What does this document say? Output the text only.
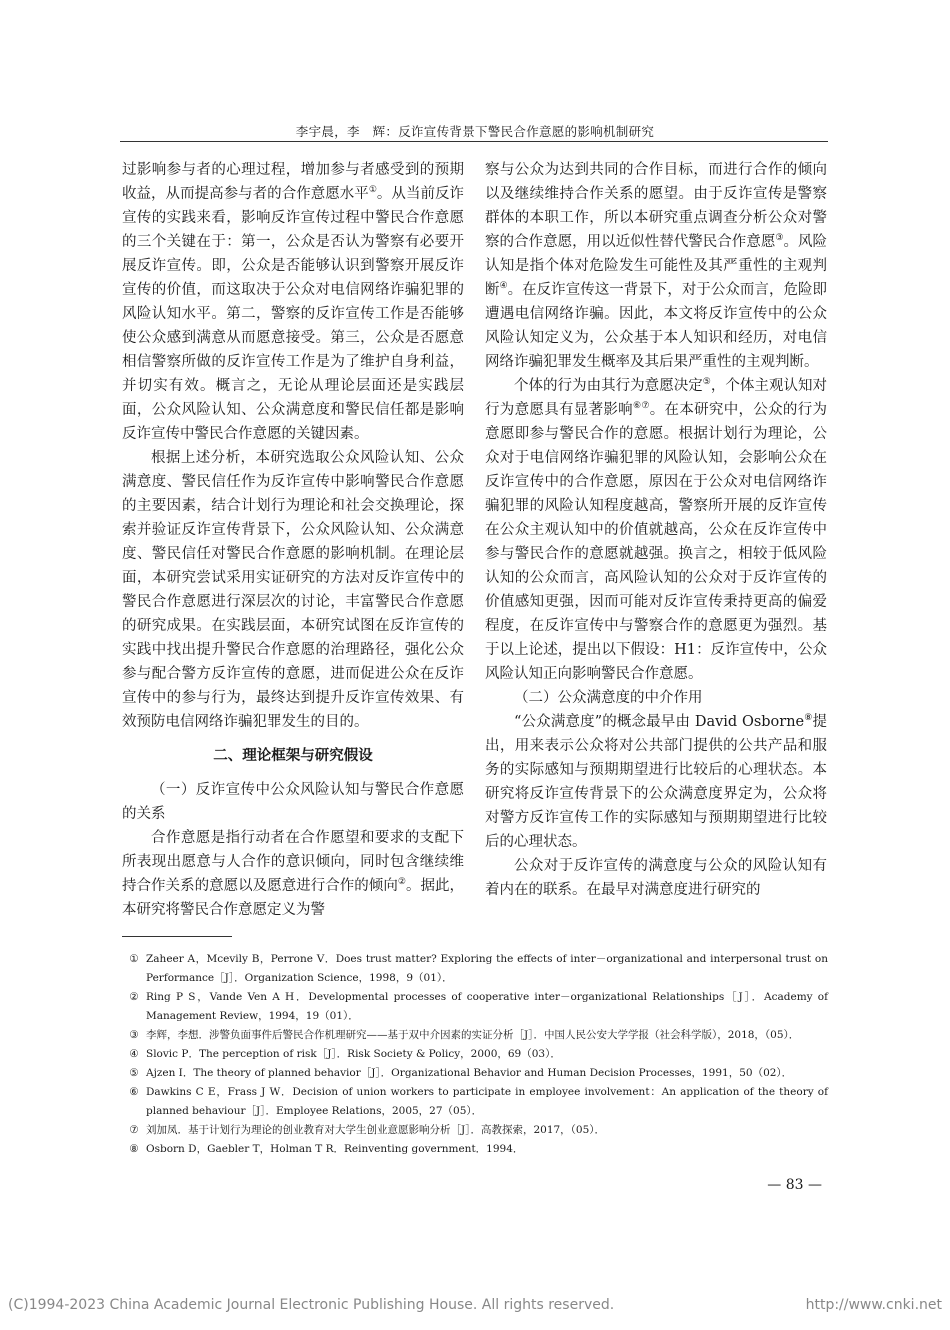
李宇晨，李　辉：反诈宣传背景下警民合作意愿的影响机制研究

过影响参与者的心理过程，增加参与者感受到的预期收益，从而提高参与者的合作意愿水平①。从当前反诈宣传的实践来看，影响反诈宣传过程中警民合作意愿的三个关键在于：第一，公众是否认为警察有必要开展反诈宣传。即，公众是否能够认识到警察开展反诈宣传的价值，而这取决于公众对电信网络诈骗犯罪的风险认知水平。第二，警察的反诈宣传工作是否能够使公众感到满意从而愿意接受。第三，公众是否愿意相信警察所做的反诈宣传工作是为了维护自身利益，并切实有效。概言之，无论从理论层面还是实践层面，公众风险认知、公众满意度和警民信任都是影响反诈宣传中警民合作意愿的关键因素。

根据上述分析，本研究选取公众风险认知、公众满意度、警民信任作为反诈宣传中影响警民合作意愿的主要因素，结合计划行为理论和社会交换理论，探索并验证反诈宣传背景下，公众风险认知、公众满意度、警民信任对警民合作意愿的影响机制。在理论层面，本研究尝试采用实证研究的方法对反诈宣传中的警民合作意愿进行深层次的讨论，丰富警民合作意愿的研究成果。在实践层面，本研究试图在反诈宣传的实践中找出提升警民合作意愿的治理路径，强化公众参与配合警方反诈宣传的意愿，进而促进公众在反诈宣传中的参与行为，最终达到提升反诈宣传效果、有效预防电信网络诈骗犯罪发生的目的。

二、理论框架与研究假设

（一）反诈宣传中公众风险认知与警民合作意愿的关系

合作意愿是指行动者在合作愿望和要求的支配下所表现出愿意与人合作的意识倾向，同时包含继续维持合作关系的意愿以及愿意进行合作的倾向②。据此，本研究将警民合作意愿定义为警

察与公众为达到共同的合作目标，而进行合作的倾向以及继续维持合作关系的愿望。由于反诈宣传是警察群体的本职工作，所以本研究重点调查分析公众对警察的合作意愿，用以近似性替代警民合作意愿③。风险认知是指个体对危险发生可能性及其严重性的主观判断④。在反诈宣传这一背景下，对于公众而言，危险即遭遇电信网络诈骗。因此，本文将反诈宣传中的公众风险认知定义为，公众基于本人知识和经历，对电信网络诈骗犯罪发生概率及其后果严重性的主观判断。

个体的行为由其行为意愿决定⑤，个体主观认知对行为意愿具有显著影响⑥⑦。在本研究中，公众的行为意愿即参与警民合作的意愿。根据计划行为理论，公众对于电信网络诈骗犯罪的风险认知，会影响公众在反诈宣传中的合作意愿，原因在于公众对电信网络诈骗犯罪的风险认知程度越高，警察所开展的反诈宣传在公众主观认知中的价值就越高，公众在反诈宣传中参与警民合作的意愿就越强。换言之，相较于低风险认知的公众而言，高风险认知的公众对于反诈宣传的价值感知更强，因而可能对反诈宣传秉持更高的偏爱程度，在反诈宣传中与警察合作的意愿更为强烈。基于以上论述，提出以下假设：H1：反诈宣传中，公众风险认知正向影响警民合作意愿。

（二）公众满意度的中介作用

“公众满意度”的概念最早由 David Osborne⑧提出，用来表示公众将对公共部门提供的公共产品和服务的实际感知与预期期望进行比较后的心理状态。本研究将反诈宣传背景下的公众满意度界定为，公众将对警方反诈宣传工作的实际感知与预期期望进行比较后的心理状态。

公众对于反诈宣传的满意度与公众的风险认知有着内在的联系。在最早对满意度进行研究的

① Zaheer A，Mcevily B，Perrone V．Does trust matter? Exploring the effects of inter－organizational and interpersonal trust on Performance［J］．Organization Science，1998，9（01）．
② Ring P S，Vande Ven A H．Developmental processes of cooperative inter－organizational Relationships［J］．Academy of Management Review，1994，19（01）．
③ 李辉，李想．涉警负面事件后警民合作机理研究——基于双中介因素的实证分析［J］．中国人民公安大学学报（社会科学版），2018，（05）．
④ Slovic P．The perception of risk［J］．Risk Society & Policy，2000，69（03）．
⑤ Ajzen I．The theory of planned behavior［J］．Organizational Behavior and Human Decision Processes，1991，50（02）．
⑥ Dawkins C E，Frass J W．Decision of union workers to participate in employee involvement：An application of the theory of planned behaviour［J］．Employee Relations，2005，27（05）．
⑦ 刘加凤．基于计划行为理论的创业教育对大学生创业意愿影响分析［J］．高教探索，2017，（05）．
⑧ Osborn D，Gaebler T，Holman T R．Reinventing government．1994．
— 83 —
(C)1994-2023 China Academic Journal Electronic Publishing House. All rights reserved.	http://www.cnki.net
